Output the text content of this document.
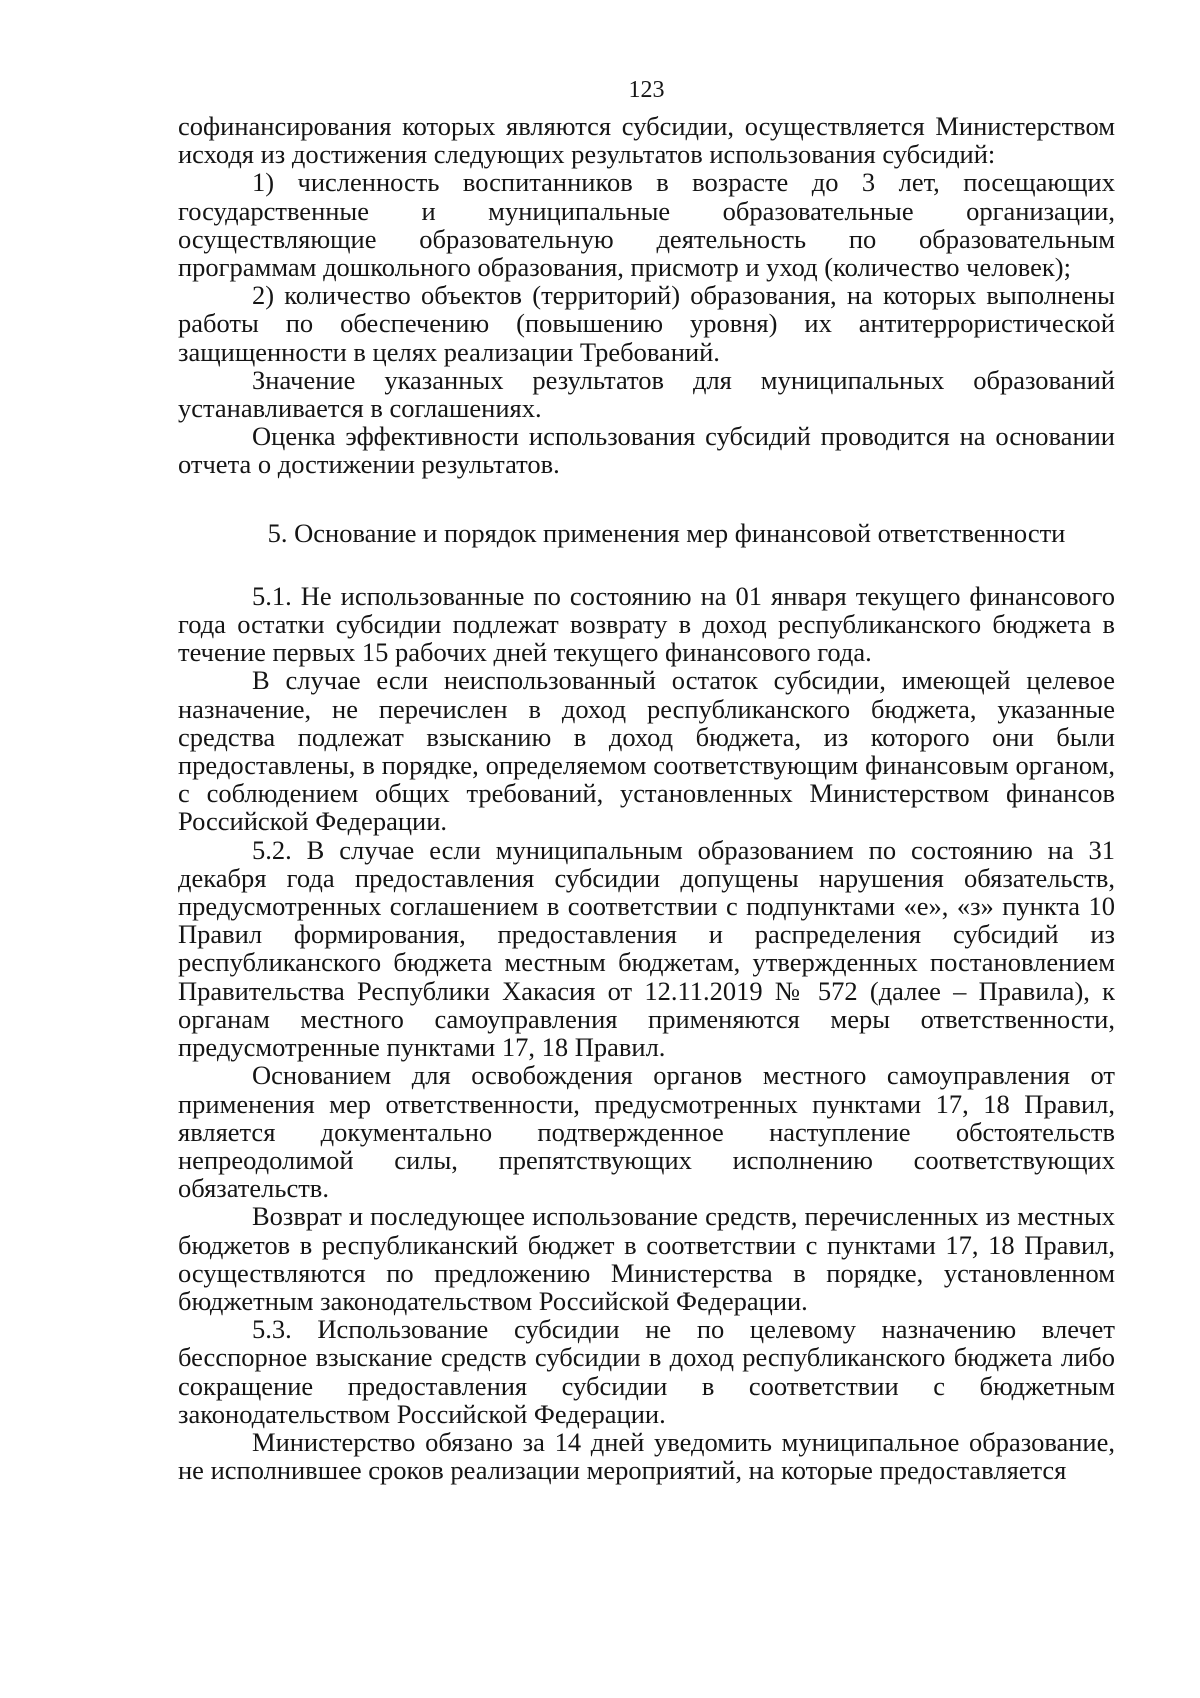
123

софинансирования которых являются субсидии, осуществляется Министерством исходя из достижения следующих результатов использования субсидий:

1) численность воспитанников в возрасте до 3 лет, посещающих государственные и муниципальные образовательные организации, осуществляющие образовательную деятельность по образовательным программам дошкольного образования, присмотр и уход (количество человек);

2) количество объектов (территорий) образования, на которых выполнены работы по обеспечению (повышению уровня) их антитеррористической защищенности в целях реализации Требований.

Значение указанных результатов для муниципальных образований устанавливается в соглашениях.

Оценка эффективности использования субсидий проводится на основании отчета о достижении результатов.

5. Основание и порядок применения мер финансовой ответственности

5.1. Не использованные по состоянию на 01 января текущего финансового года остатки субсидии подлежат возврату в доход республиканского бюджета в течение первых 15 рабочих дней текущего финансового года.

В случае если неиспользованный остаток субсидии, имеющей целевое назначение, не перечислен в доход республиканского бюджета, указанные средства подлежат взысканию в доход бюджета, из которого они были предоставлены, в порядке, определяемом соответствующим финансовым органом, с соблюдением общих требований, установленных Министерством финансов Российской Федерации.

5.2. В случае если муниципальным образованием по состоянию на 31 декабря года предоставления субсидии допущены нарушения обязательств, предусмотренных соглашением в соответствии с подпунктами «е», «з» пункта 10 Правил формирования, предоставления и распределения субсидий из республиканского бюджета местным бюджетам, утвержденных постановлением Правительства Республики Хакасия от 12.11.2019 № 572 (далее – Правила), к органам местного самоуправления применяются меры ответственности, предусмотренные пунктами 17, 18 Правил.

Основанием для освобождения органов местного самоуправления от применения мер ответственности, предусмотренных пунктами 17, 18 Правил, является документально подтвержденное наступление обстоятельств непреодолимой силы, препятствующих исполнению соответствующих обязательств.

Возврат и последующее использование средств, перечисленных из местных бюджетов в республиканский бюджет в соответствии с пунктами 17, 18 Правил, осуществляются по предложению Министерства в порядке, установленном бюджетным законодательством Российской Федерации.

5.3. Использование субсидии не по целевому назначению влечет бесспорное взыскание средств субсидии в доход республиканского бюджета либо сокращение предоставления субсидии в соответствии с бюджетным законодательством Российской Федерации.

Министерство обязано за 14 дней уведомить муниципальное образование, не исполнившее сроков реализации мероприятий, на которые предоставляется
